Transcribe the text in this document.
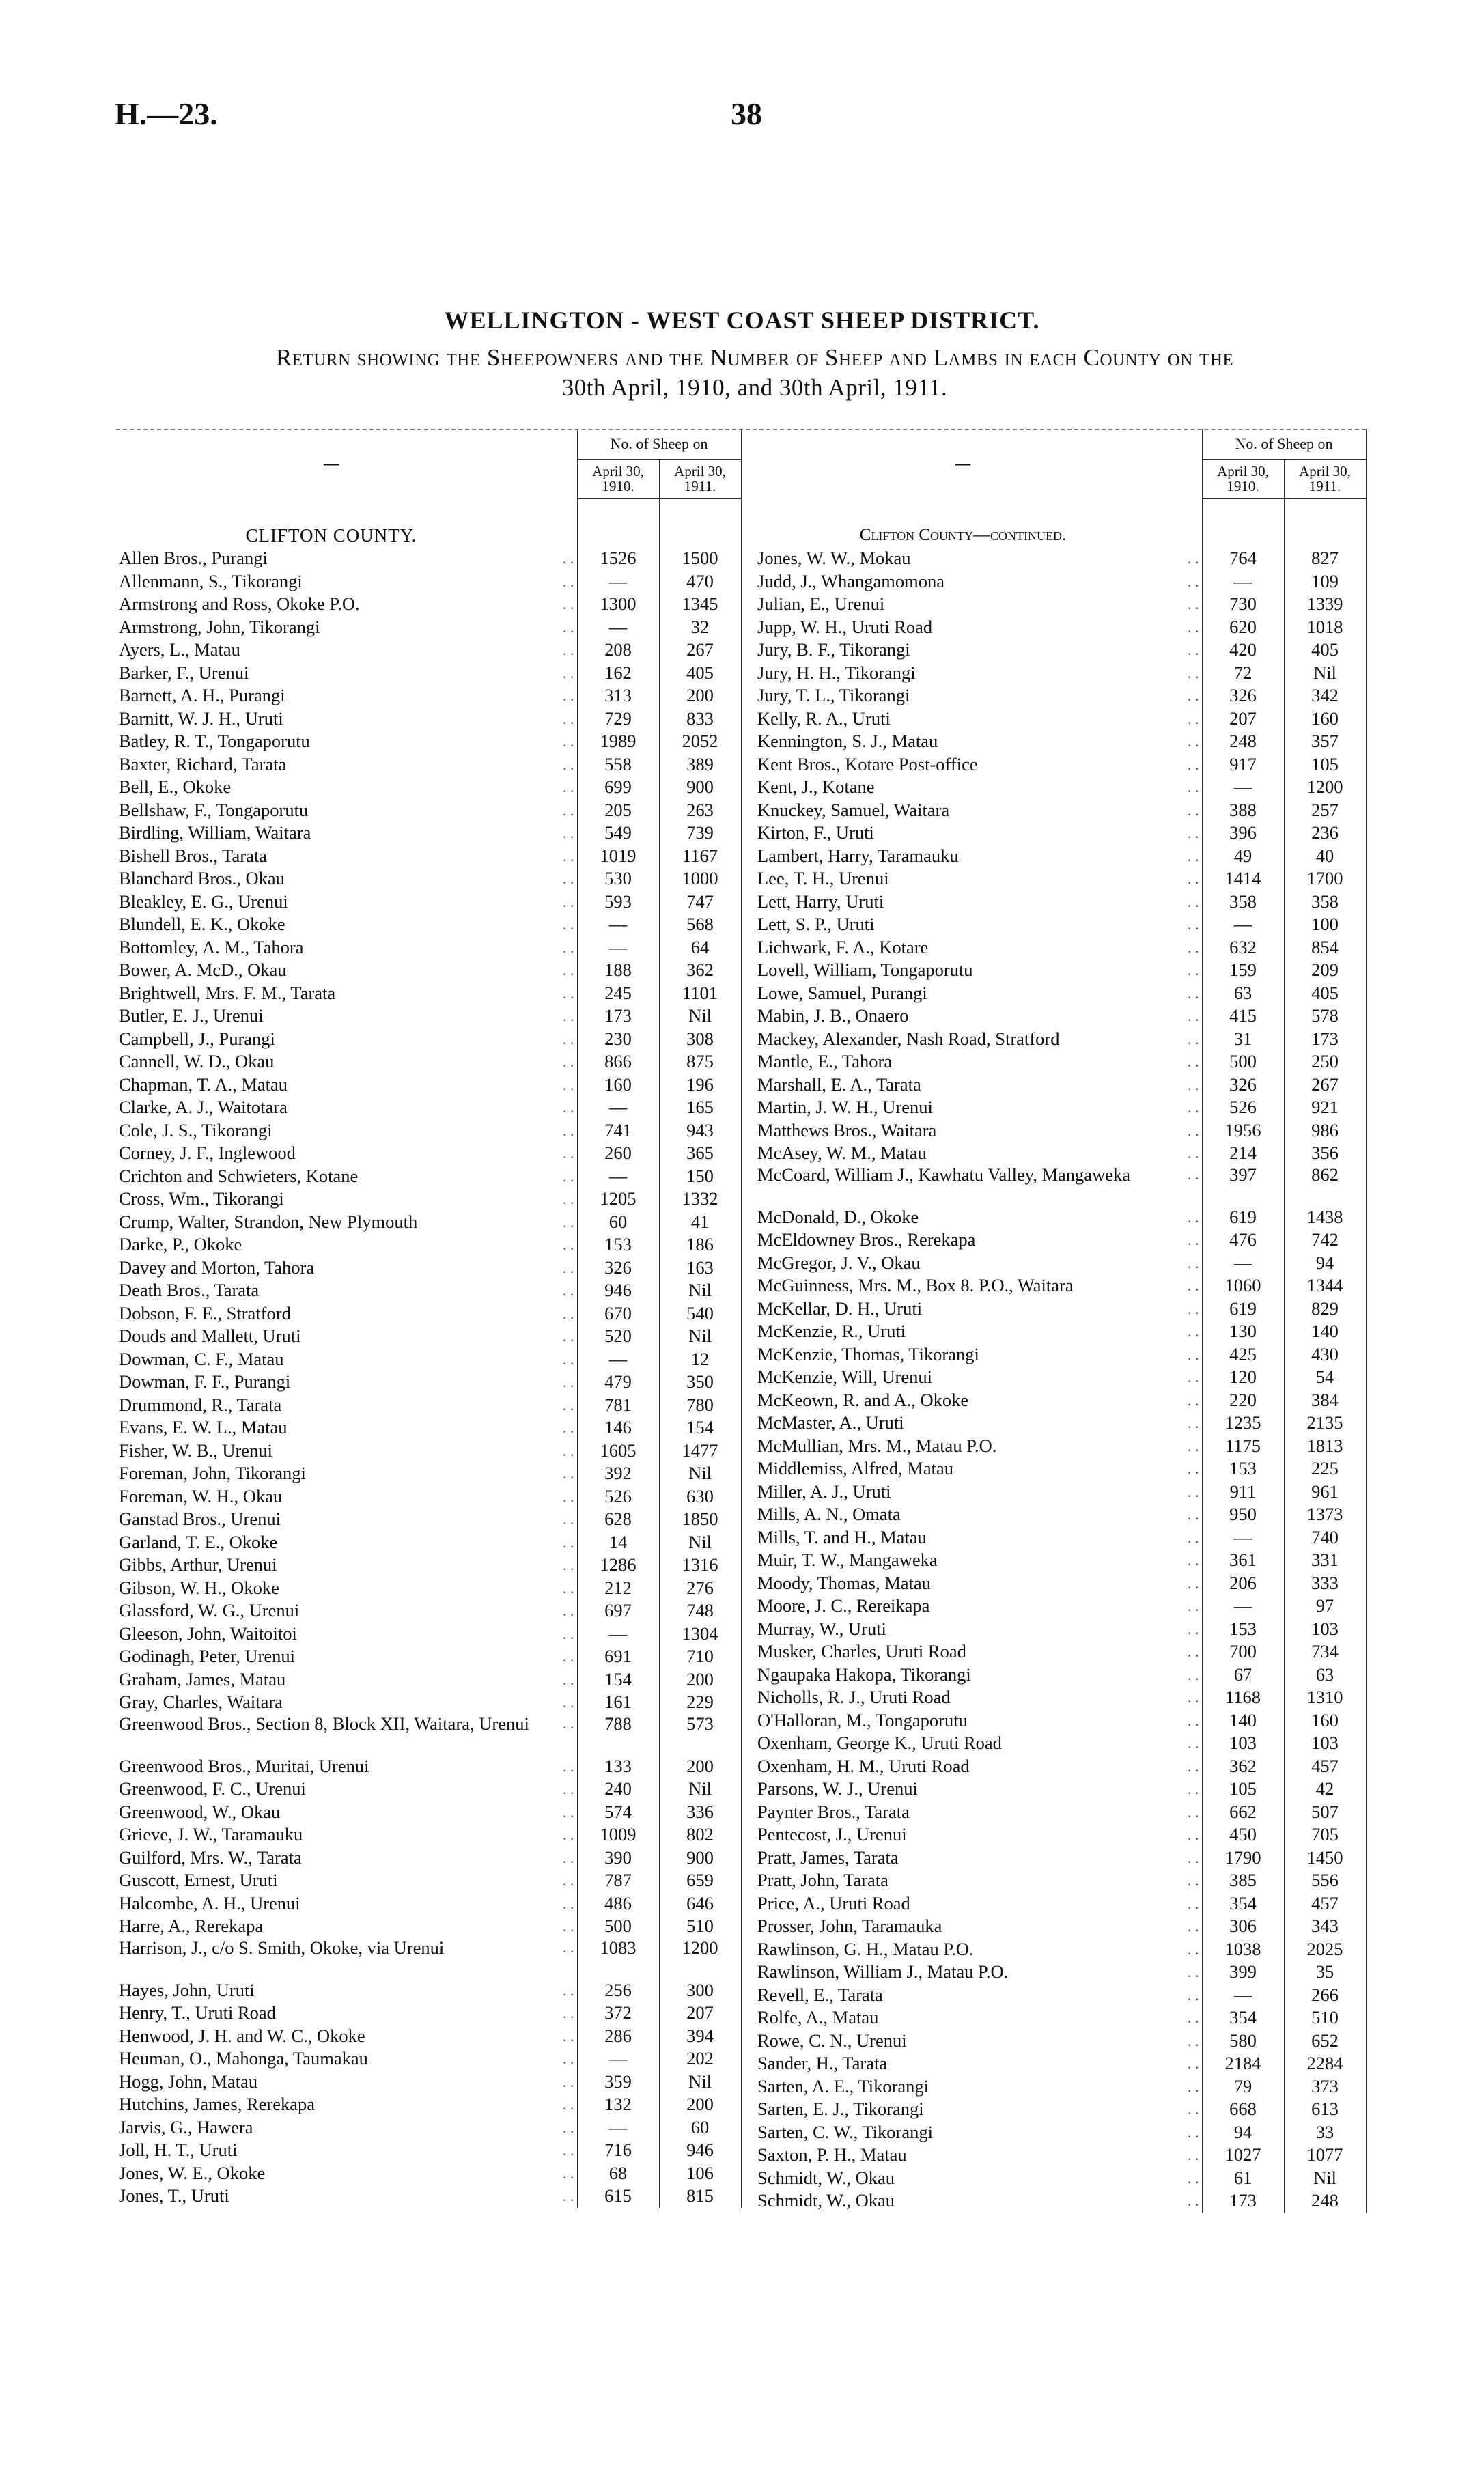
H.—23.	38
WELLINGTON - WEST COAST SHEEP DISTRICT.
Return showing the Sheepowners and the Number of Sheep and Lambs in each County on the
30th April, 1910, and 30th April, 1911.
—		No. of Sheep on	
		April 30, 1910.	April 30, 1911.

CLIFTON COUNTY.			
Allen Bros., Purangi	. .	1526	1500
Allenmann, S., Tikorangi	. .	—	470
Armstrong and Ross, Okoke P.O.	. .	1300	1345
Armstrong, John, Tikorangi	. .	—	32
Ayers, L., Matau	. .	208	267
Barker, F., Urenui	. .	162	405
Barnett, A. H., Purangi	. .	313	200
Barnitt, W. J. H., Uruti	. .	729	833
Batley, R. T., Tongaporutu	. .	1989	2052
Baxter, Richard, Tarata	. .	558	389
Bell, E., Okoke	. .	699	900
Bellshaw, F., Tongaporutu	. .	205	263
Birdling, William, Waitara	. .	549	739
Bishell Bros., Tarata	. .	1019	1167
Blanchard Bros., Okau	. .	530	1000
Bleakley, E. G., Urenui	. .	593	747
Blundell, E. K., Okoke	. .	—	568
Bottomley, A. M., Tahora	. .	—	64
Bower, A. McD., Okau	. .	188	362
Brightwell, Mrs. F. M., Tarata	. .	245	1101
Butler, E. J., Urenui	. .	173	Nil
Campbell, J., Purangi	. .	230	308
Cannell, W. D., Okau	. .	866	875
Chapman, T. A., Matau	. .	160	196
Clarke, A. J., Waitotara	. .	—	165
Cole, J. S., Tikorangi	. .	741	943
Corney, J. F., Inglewood	. .	260	365
Crichton and Schwieters, Kotane	. .	—	150
Cross, Wm., Tikorangi	. .	1205	1332
Crump, Walter, Strandon, New Plymouth	. .	60	41
Darke, P., Okoke	. .	153	186
Davey and Morton, Tahora	. .	326	163
Death Bros., Tarata	. .	946	Nil
Dobson, F. E., Stratford	. .	670	540
Douds and Mallett, Uruti	. .	520	Nil
Dowman, C. F., Matau	. .	—	12
Dowman, F. F., Purangi	. .	479	350
Drummond, R., Tarata	. .	781	780
Evans, E. W. L., Matau	. .	146	154
Fisher, W. B., Urenui	. .	1605	1477
Foreman, John, Tikorangi	. .	392	Nil
Foreman, W. H., Okau	. .	526	630
Ganstad Bros., Urenui	. .	628	1850
Garland, T. E., Okoke	. .	14	Nil
Gibbs, Arthur, Urenui	. .	1286	1316
Gibson, W. H., Okoke	. .	212	276
Glassford, W. G., Urenui	. .	697	748
Gleeson, John, Waitoitoi	. .	—	1304
Godinagh, Peter, Urenui	. .	691	710
Graham, James, Matau	. .	154	200
Gray, Charles, Waitara	. .	161	229
Greenwood Bros., Section 8, Block XII, Waitara, Urenui	. .	788	573
Greenwood Bros., Muritai, Urenui	. .	133	200
Greenwood, F. C., Urenui	. .	240	Nil
Greenwood, W., Okau	. .	574	336
Grieve, J. W., Taramauku	. .	1009	802
Guilford, Mrs. W., Tarata	. .	390	900
Guscott, Ernest, Uruti	. .	787	659
Halcombe, A. H., Urenui	. .	486	646
Harre, A., Rerekapa	. .	500	510
Harrison, J., c/o S. Smith, Okoke, via Urenui	. .	1083	1200
Hayes, John, Uruti	. .	256	300
Henry, T., Uruti Road	. .	372	207
Henwood, J. H. and W. C., Okoke	. .	286	394
Heuman, O., Mahonga, Taumakau	. .	—	202
Hogg, John, Matau	. .	359	Nil
Hutchins, James, Rerekapa	. .	132	200
Jarvis, G., Hawera	. .	—	60
Joll, H. T., Uruti	. .	716	946
Jones, W. E., Okoke	. .	68	106
Jones, T., Uruti	. .	615	815
—		No. of Sheep on	
		April 30, 1910.	April 30, 1911.

Clifton County—continued.			
Jones, W. W., Mokau	. .	764	827
Judd, J., Whangamomona	. .	—	109
Julian, E., Urenui	. .	730	1339
Jupp, W. H., Uruti Road	. .	620	1018
Jury, B. F., Tikorangi	. .	420	405
Jury, H. H., Tikorangi	. .	72	Nil
Jury, T. L., Tikorangi	. .	326	342
Kelly, R. A., Uruti	. .	207	160
Kennington, S. J., Matau	. .	248	357
Kent Bros., Kotare Post-office	. .	917	105
Kent, J., Kotane	. .	—	1200
Knuckey, Samuel, Waitara	. .	388	257
Kirton, F., Uruti	. .	396	236
Lambert, Harry, Taramauku	. .	49	40
Lee, T. H., Urenui	. .	1414	1700
Lett, Harry, Uruti	. .	358	358
Lett, S. P., Uruti	. .	—	100
Lichwark, F. A., Kotare	. .	632	854
Lovell, William, Tongaporutu	. .	159	209
Lowe, Samuel, Purangi	. .	63	405
Mabin, J. B., Onaero	. .	415	578
Mackey, Alexander, Nash Road, Stratford	. .	31	173
Mantle, E., Tahora	. .	500	250
Marshall, E. A., Tarata	. .	326	267
Martin, J. W. H., Urenui	. .	526	921
Matthews Bros., Waitara	. .	1956	986
McAsey, W. M., Matau	. .	214	356
McCoard, William J., Kawhatu Valley, Mangaweka	. .	397	862
McDonald, D., Okoke	. .	619	1438
McEldowney Bros., Rerekapa	. .	476	742
McGregor, J. V., Okau	. .	—	94
McGuinness, Mrs. M., Box 8. P.O., Waitara	. .	1060	1344
McKellar, D. H., Uruti	. .	619	829
McKenzie, R., Uruti	. .	130	140
McKenzie, Thomas, Tikorangi	. .	425	430
McKenzie, Will, Urenui	. .	120	54
McKeown, R. and A., Okoke	. .	220	384
McMaster, A., Uruti	. .	1235	2135
McMullian, Mrs. M., Matau P.O.	. .	1175	1813
Middlemiss, Alfred, Matau	. .	153	225
Miller, A. J., Uruti	. .	911	961
Mills, A. N., Omata	. .	950	1373
Mills, T. and H., Matau	. .	—	740
Muir, T. W., Mangaweka	. .	361	331
Moody, Thomas, Matau	. .	206	333
Moore, J. C., Rereikapa	. .	—	97
Murray, W., Uruti	. .	153	103
Musker, Charles, Uruti Road	. .	700	734
Ngaupaka Hakopa, Tikorangi	. .	67	63
Nicholls, R. J., Uruti Road	. .	1168	1310
O'Halloran, M., Tongaporutu	. .	140	160
Oxenham, George K., Uruti Road	. .	103	103
Oxenham, H. M., Uruti Road	. .	362	457
Parsons, W. J., Urenui	. .	105	42
Paynter Bros., Tarata	. .	662	507
Pentecost, J., Urenui	. .	450	705
Pratt, James, Tarata	. .	1790	1450
Pratt, John, Tarata	. .	385	556
Price, A., Uruti Road	. .	354	457
Prosser, John, Taramauka	. .	306	343
Rawlinson, G. H., Matau P.O.	. .	1038	2025
Rawlinson, William J., Matau P.O.	. .	399	35
Revell, E., Tarata	. .	—	266
Rolfe, A., Matau	. .	354	510
Rowe, C. N., Urenui	. .	580	652
Sander, H., Tarata	. .	2184	2284
Sarten, A. E., Tikorangi	. .	79	373
Sarten, E. J., Tikorangi	. .	668	613
Sarten, C. W., Tikorangi	. .	94	33
Saxton, P. H., Matau	. .	1027	1077
Schmidt, W., Okau	. .	61	Nil
Schmidt, W., Okau	. .	173	248
